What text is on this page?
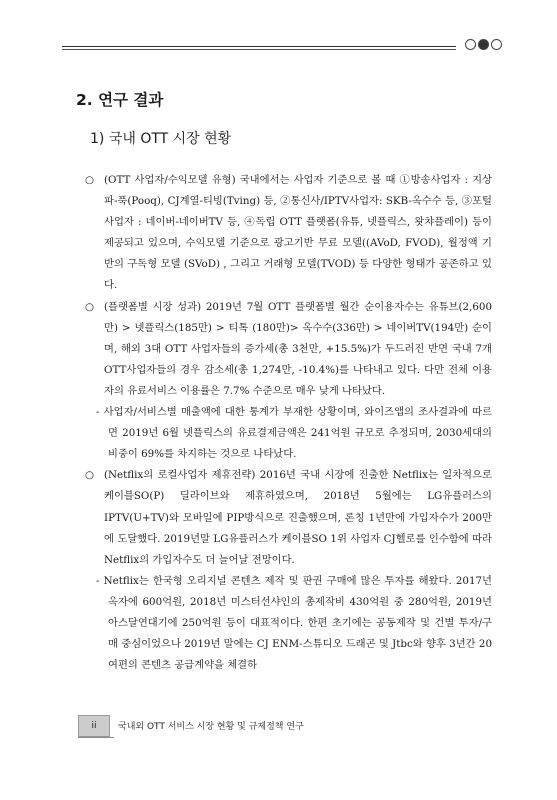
2. 연구 결과
1) 국내 OTT 시장 현황
○ (OTT 사업자/수익모델 유형) 국내에서는 사업자 기준으로 볼 때 ①방송사업자 : 지상파-푹(Pooq), CJ계열-티빙(Tving) 등, ②통신사/IPTV사업자: SKB-옥수수 등, ③포털사업자 : 네이버-네이버TV 등, ④독립 OTT 플랫폼(유튜, 넷플릭스, 왓챠플레이) 등이 제공되고 있으며, 수익모델 기준으로 광고기반 무료 모델((AVoD, FVOD), 월정액 기반의 구독형 모델 (SVoD) , 그리고 거래형 모델(TVOD) 등 다양한 형태가 공존하고 있다.
○ (플랫폼별 시장 성과) 2019년 7월 OTT 플랫폼별 월간 순이용자수는 유튜브(2,600만) > 넷플릭스(185만) > 티톡 (180만)> 옥수수(336만) > 네이버TV(194만) 순이며, 해외 3대 OTT 사업자들의 증가세(총 3천만, +15.5%)가 두드러진 반면 국내 7개 OTT사업자들의 경우 감소세(총 1,274만, -10.4%)를 나타내고 있다. 다만 전체 이용자의 유료서비스 이용률은 7.7% 수준으로 매우 낮게 나타났다.
- 사업자/서비스별 매출액에 대한 통계가 부재한 상황이며, 와이즈앱의 조사결과에 따르면 2019년 6월 넷플릭스의 유료결제금액은 241억원 규모로 추정되며, 2030세대의 비중이 69%를 차지하는 것으로 나타났다.
○ (Netflix의 로컬사업자 제휴전략) 2016년 국내 시장에 진출한 Netflix는 일차적으로 케이블SO(P) 딜라이브와 제휴하였으며, 2018년 5월에는 LG유플러스의 IPTV(U+TV)와 모바일에 PIP방식으로 진출했으며, 론칭 1년만에 가입자수가 200만에 도달했다. 2019년말 LG유플러스가 케이블SO 1위 사업자 CJ헬로를 인수함에 따라 Netflix의 가입자수도 더 늘어날 전망이다.
- Netflix는 한국형 오리지널 콘텐츠 제작 및 판권 구매에 많은 투자를 해왔다. 2017년 옥자에 600억원, 2018년 미스터선샤인의 총제작비 430억원 중 280억원, 2019년 아스달연대기에 250억원 등이 대표적이다. 한편 초기에는 공동제작 및 건별 투자/구매 중심이었으나 2019년 말에는 CJ ENM-스튜디오 드래곤 및 Jtbc와 향후 3년간 20여편의 콘텐츠 공급계약을 체결하
ii	국내외 OTT 서비스 시장 현황 및 규제정책 연구
